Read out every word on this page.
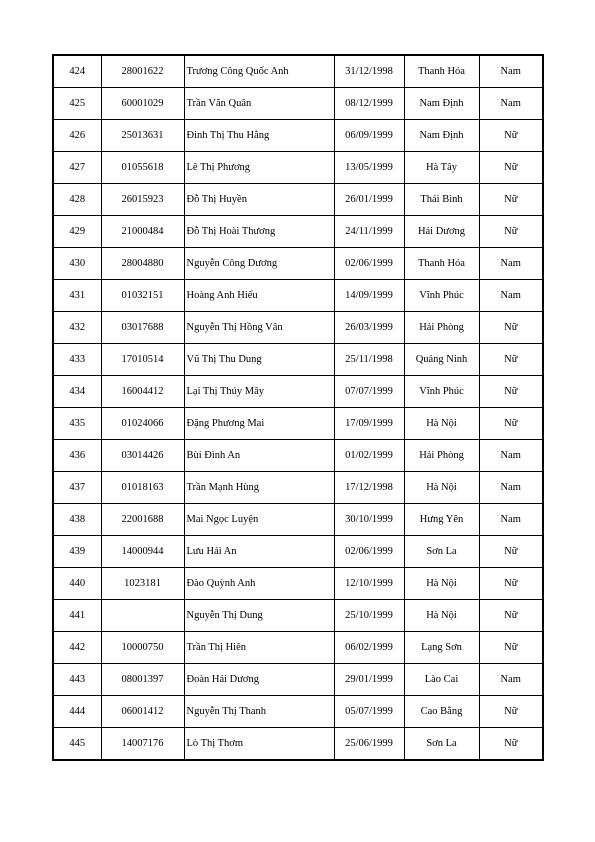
424	28001622	Trương Công Quốc Anh	31/12/1998	Thanh Hóa	Nam
425	60001029	Trần Văn Quân	08/12/1999	Nam Định	Nam
426	25013631	Đinh Thị Thu Hằng	06/09/1999	Nam Định	Nữ
427	01055618	Lê Thị Phương	13/05/1999	Hà Tây	Nữ
428	26015923	Đỗ Thị Huyền	26/01/1999	Thái Bình	Nữ
429	21000484	Đỗ Thị Hoài Thương	24/11/1999	Hải Dương	Nữ
430	28004880	Nguyễn Công Dương	02/06/1999	Thanh Hóa	Nam
431	01032151	Hoàng Anh Hiếu	14/09/1999	Vĩnh Phúc	Nam
432	03017688	Nguyễn Thị Hồng Vân	26/03/1999	Hải Phòng	Nữ
433	17010514	Vũ Thị Thu Dung	25/11/1998	Quảng Ninh	Nữ
434	16004412	Lại Thị Thúy Mây	07/07/1999	Vĩnh Phúc	Nữ
435	01024066	Đặng Phương Mai	17/09/1999	Hà Nội	Nữ
436	03014426	Bùi Đình An	01/02/1999	Hải Phòng	Nam
437	01018163	Trần Mạnh Hùng	17/12/1998	Hà Nội	Nam
438	22001688	Mai Ngọc Luyện	30/10/1999	Hưng Yên	Nam
439	14000944	Lưu Hải An	02/06/1999	Sơn La	Nữ
440	1023181	Đào Quỳnh Anh	12/10/1999	Hà Nội	Nữ
441		Nguyễn Thị Dung	25/10/1999	Hà Nội	Nữ
442	10000750	Trần Thị Hiên	06/02/1999	Lạng Sơn	Nữ
443	08001397	Đoàn Hải Dương	29/01/1999	Lào Cai	Nam
444	06001412	Nguyễn Thị Thanh	05/07/1999	Cao Bằng	Nữ
445	14007176	Lò Thị Thơm	25/06/1999	Sơn La	Nữ
